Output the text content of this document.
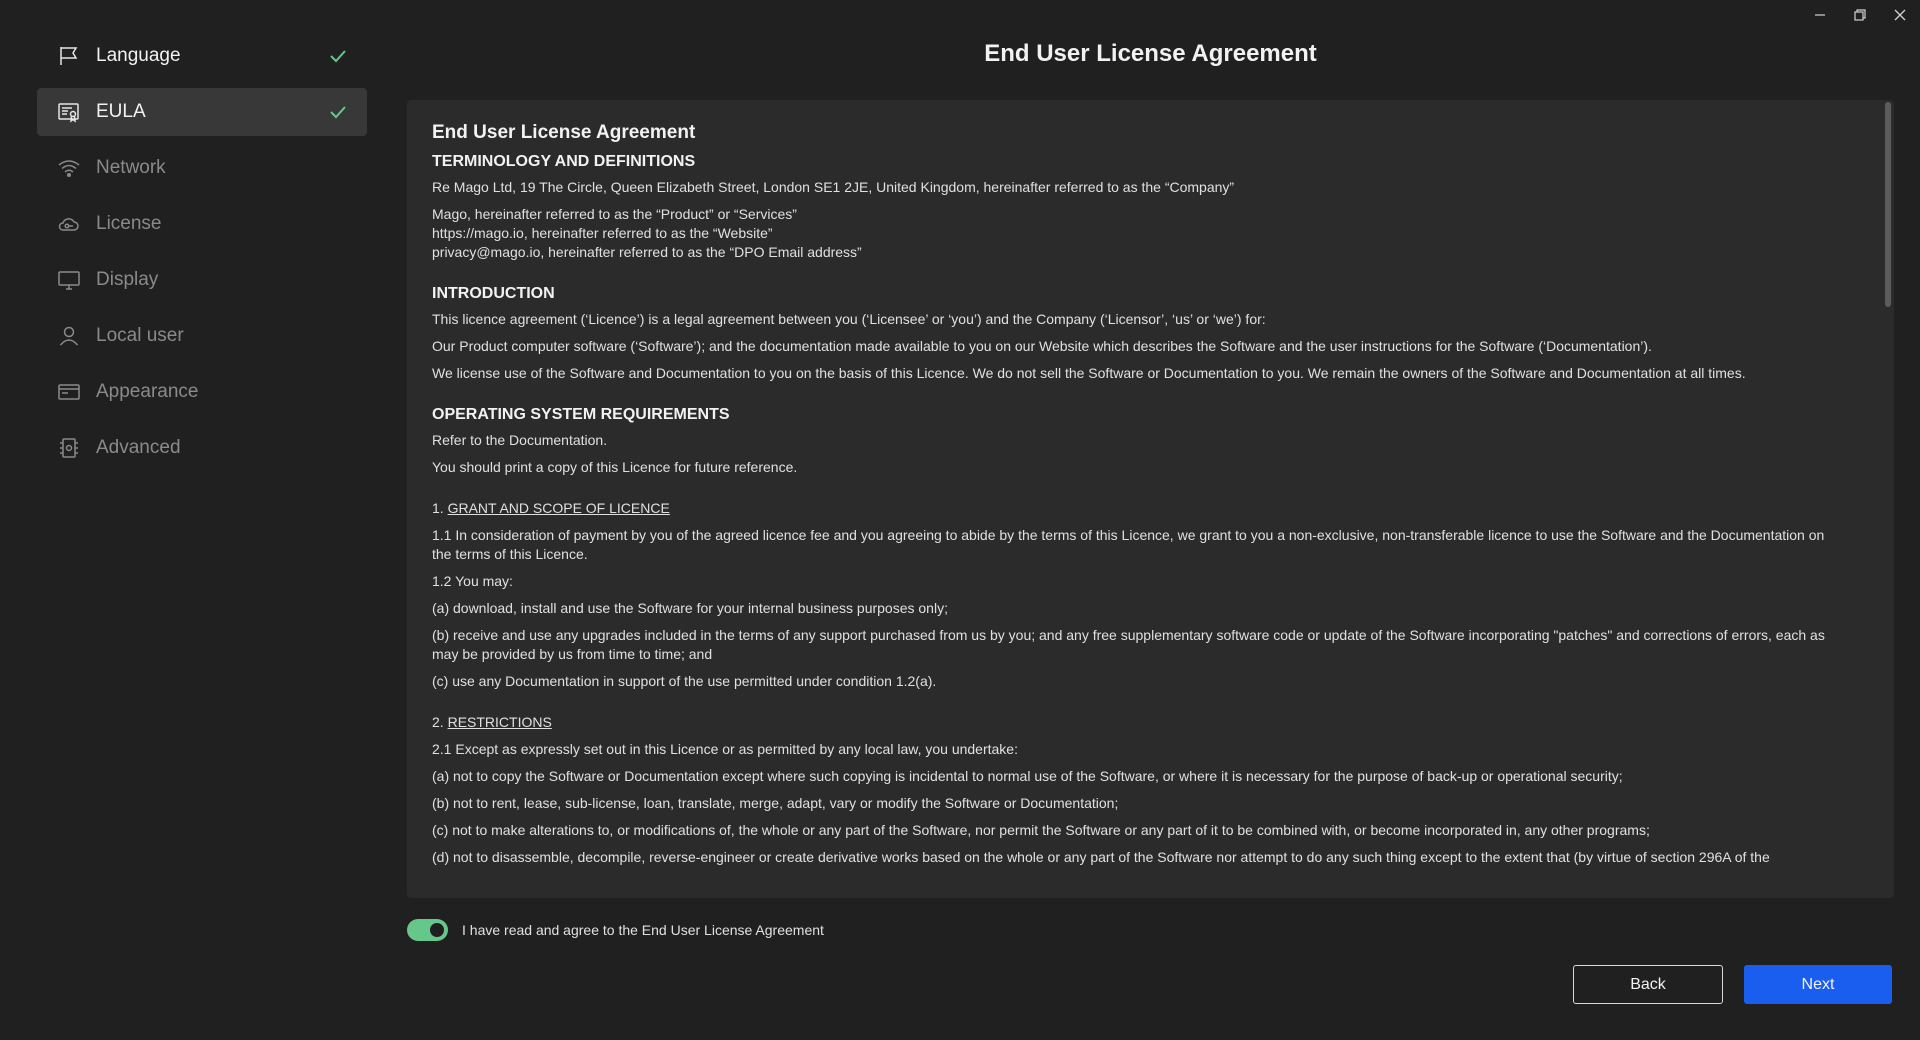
Language
EULA
Network
License
Display
Local user
Appearance
Advanced
End User License Agreement
End User License Agreement
TERMINOLOGY AND DEFINITIONS

Re Mago Ltd, 19 The Circle, Queen Elizabeth Street, London SE1 2JE, United Kingdom, hereinafter referred to as the “Company”

Mago, hereinafter referred to as the “Product” or “Services”

https://mago.io, hereinafter referred to as the “Website”

privacy@mago.io, hereinafter referred to as the “DPO Email address”

INTRODUCTION

This licence agreement (‘Licence’) is a legal agreement between you (‘Licensee’ or ‘you’) and the Company (‘Licensor’, ‘us’ or ‘we’) for:

Our Product computer software (‘Software’); and the documentation made available to you on our Website which describes the Software and the user instructions for the Software (‘Documentation’).

We license use of the Software and Documentation to you on the basis of this Licence. We do not sell the Software or Documentation to you. We remain the owners of the Software and Documentation at all times.

OPERATING SYSTEM REQUIREMENTS

Refer to the Documentation.

You should print a copy of this Licence for future reference.

1. GRANT AND SCOPE OF LICENCE

1.1 In consideration of payment by you of the agreed licence fee and you agreeing to abide by the terms of this Licence, we grant to you a non-exclusive, non-transferable licence to use the Software and the Documentation on the terms of this Licence.

1.2 You may:

(a) download, install and use the Software for your internal business purposes only;

(b) receive and use any upgrades included in the terms of any support purchased from us by you; and any free supplementary software code or update of the Software incorporating "patches" and corrections of errors, each as may be provided by us from time to time; and

(c) use any Documentation in support of the use permitted under condition 1.2(a).

2. RESTRICTIONS

2.1 Except as expressly set out in this Licence or as permitted by any local law, you undertake:

(a) not to copy the Software or Documentation except where such copying is incidental to normal use of the Software, or where it is necessary for the purpose of back-up or operational security;

(b) not to rent, lease, sub-license, loan, translate, merge, adapt, vary or modify the Software or Documentation;

(c) not to make alterations to, or modifications of, the whole or any part of the Software, nor permit the Software or any part of it to be combined with, or become incorporated in, any other programs;

(d) not to disassemble, decompile, reverse-engineer or create derivative works based on the whole or any part of the Software nor attempt to do any such thing except to the extent that (by virtue of section 296A of the

I have read and agree to the End User License Agreement
Back	Next
